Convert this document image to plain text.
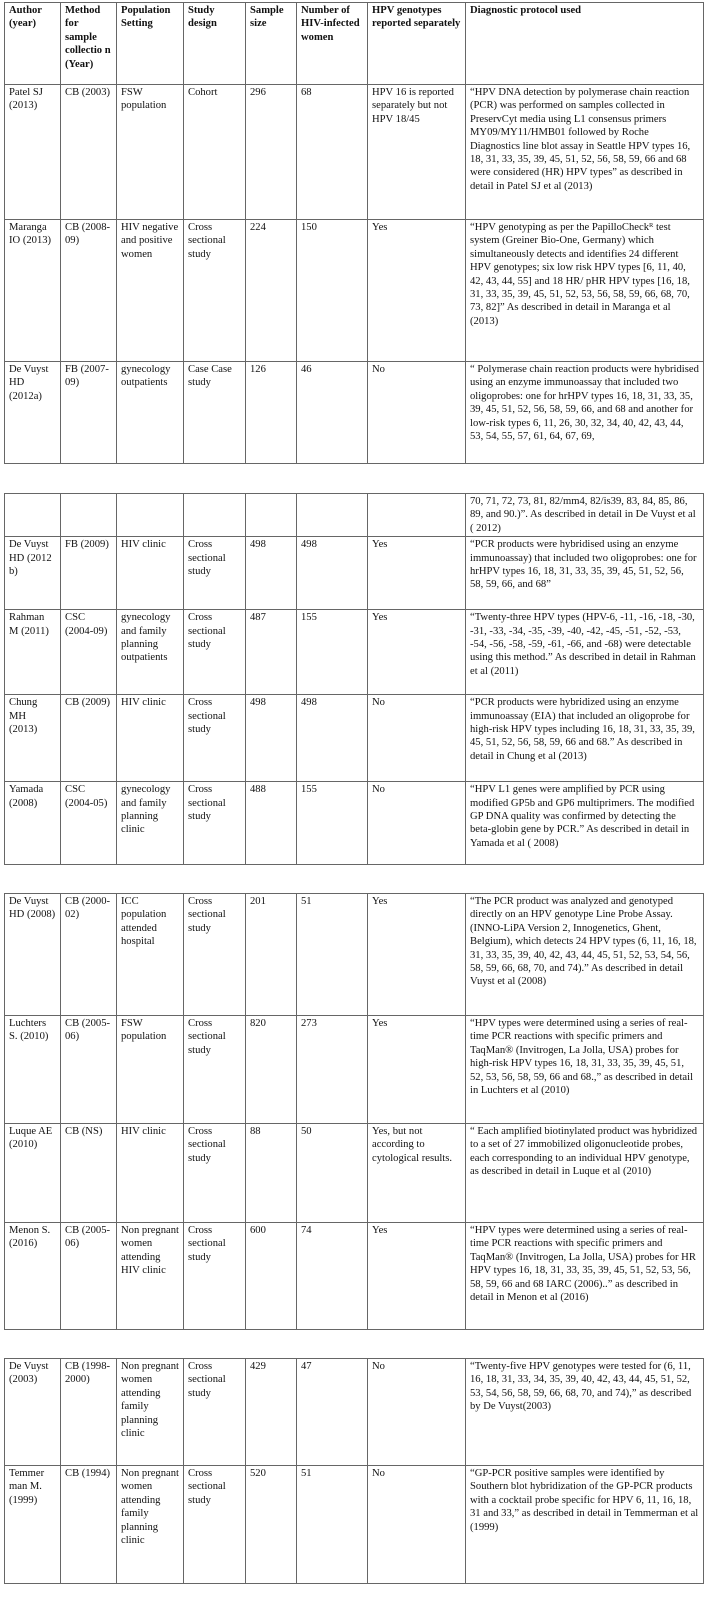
Author (year)	Method for sample collectio n (Year)	Population Setting	Study design	Sample size	Number of HIV-infected women	HPV genotypes reported separately	Diagnostic protocol used
Patel SJ (2013)	CB (2003)	FSW population	Cohort	296	68	HPV 16 is reported separately but not HPV 18/45	“HPV DNA detection by polymerase chain reaction (PCR) was performed on samples collected in PreservCyt media using L1 consensus primers MY09/MY11/HMB01 followed by Roche Diagnostics line blot assay in Seattle HPV types 16, 18, 31, 33, 35, 39, 45, 51, 52, 56, 58, 59, 66 and 68 were considered (HR) HPV types” as described in detail in Patel SJ et al (2013)
Maranga IO (2013)	CB (2008-09)	HIV negative and positive women	Cross sectional study	224	150	Yes	“HPV genotyping as per the PapilloCheckᴿ test system (Greiner Bio-One, Germany) which simultaneously detects and identifies 24 different HPV genotypes; six low risk HPV types [6, 11, 40, 42, 43, 44, 55] and 18 HR/ pHR HPV types [16, 18, 31, 33, 35, 39, 45, 51, 52, 53, 56, 58, 59, 66, 68, 70, 73, 82]” As described in detail in Maranga et al (2013)
De Vuyst HD (2012a)	FB (2007-09)	gynecology outpatients	Case Case study	126	46	No	“ Polymerase chain reaction products were hybridised using an enzyme immunoassay that included two oligoprobes: one for hrHPV types 16, 18, 31, 33, 35, 39, 45, 51, 52, 56, 58, 59, 66, and 68 and another for low-risk types 6, 11, 26, 30, 32, 34, 40, 42, 43, 44, 53, 54, 55, 57, 61, 64, 67, 69,
							70, 71, 72, 73, 81, 82/mm4, 82/is39, 83, 84, 85, 86, 89, and 90.)”. As described in detail in De Vuyst et al ( 2012)
De Vuyst HD (2012 b)	FB (2009)	HIV clinic	Cross sectional study	498	498	Yes	“PCR products were hybridised using an enzyme immunoassay) that included two oligoprobes: one for hrHPV types 16, 18, 31, 33, 35, 39, 45, 51, 52, 56, 58, 59, 66, and 68”
Rahman M (2011)	CSC (2004-09)	gynecology and family planning outpatients	Cross sectional study	487	155	Yes	“Twenty-three HPV types (HPV-6, -11, -16, -18, -30, -31, -33, -34, -35, -39, -40, -42, -45, -51, -52, -53, -54, -56, -58, -59, -61, -66, and -68) were detectable using this method.” As described in detail in Rahman et al (2011)
Chung MH (2013)	CB (2009)	HIV clinic	Cross sectional study	498	498	No	“PCR products were hybridized using an enzyme immunoassay (EIA) that included an oligoprobe for high-risk HPV types including 16, 18, 31, 33, 35, 39, 45, 51, 52, 56, 58, 59, 66 and 68.” As described in detail in Chung et al (2013)
Yamada (2008)	CSC (2004-05)	gynecology and family planning clinic	Cross sectional study	488	155	No	“HPV L1 genes were amplified by PCR using modified GP5b and GP6 multiprimers. The modified GP DNA quality was confirmed by detecting the beta-globin gene by PCR.” As described in detail in Yamada et al ( 2008)
De Vuyst HD (2008)	CB (2000-02)	ICC population attended hospital	Cross sectional study	201	51	Yes	“The PCR product was analyzed and genotyped directly on an HPV genotype Line Probe Assay. (INNO-LiPA Version 2, Innogenetics, Ghent, Belgium), which detects 24 HPV types (6, 11, 16, 18, 31, 33, 35, 39, 40, 42, 43, 44, 45, 51, 52, 53, 54, 56, 58, 59, 66, 68, 70, and 74).” As described in detail Vuyst et al (2008)
Luchters S. (2010)	CB (2005-06)	FSW population	Cross sectional study	820	273	Yes	“HPV types were determined using a series of real-time PCR reactions with specific primers and TaqMan® (Invitrogen, La Jolla, USA) probes for high-risk HPV types 16, 18, 31, 33, 35, 39, 45, 51, 52, 53, 56, 58, 59, 66 and 68.,” as described in detail in Luchters et al (2010)
Luque AE (2010)	CB (NS)	HIV clinic	Cross sectional study	88	50	Yes, but not according to cytological results.	“ Each amplified biotinylated product was hybridized to a set of 27 immobilized oligonucleotide probes, each corresponding to an individual HPV genotype, as described in detail in Luque et al (2010)
Menon S. (2016)	CB (2005-06)	Non pregnant women attending HIV clinic	Cross sectional study	600	74	Yes	“HPV types were determined using a series of real-time PCR reactions with specific primers and TaqMan® (Invitrogen, La Jolla, USA) probes for HR HPV types 16, 18, 31, 33, 35, 39, 45, 51, 52, 53, 56, 58, 59, 66 and 68 IARC (2006)..” as described in detail in Menon et al (2016)
De Vuyst (2003)	CB (1998-2000)	Non pregnant women attending family planning clinic	Cross sectional study	429	47	No	“Twenty-five HPV genotypes were tested for (6, 11, 16, 18, 31, 33, 34, 35, 39, 40, 42, 43, 44, 45, 51, 52, 53, 54, 56, 58, 59, 66, 68, 70, and 74),” as described by De Vuyst(2003)
Temmer man M. (1999)	CB (1994)	Non pregnant women attending family planning clinic	Cross sectional study	520	51	No	“GP-PCR positive samples were identified by Southern blot hybridization of the GP-PCR products with a cocktail probe specific for HPV 6, 11, 16, 18, 31 and 33,” as described in detail in Temmerman et al (1999)
